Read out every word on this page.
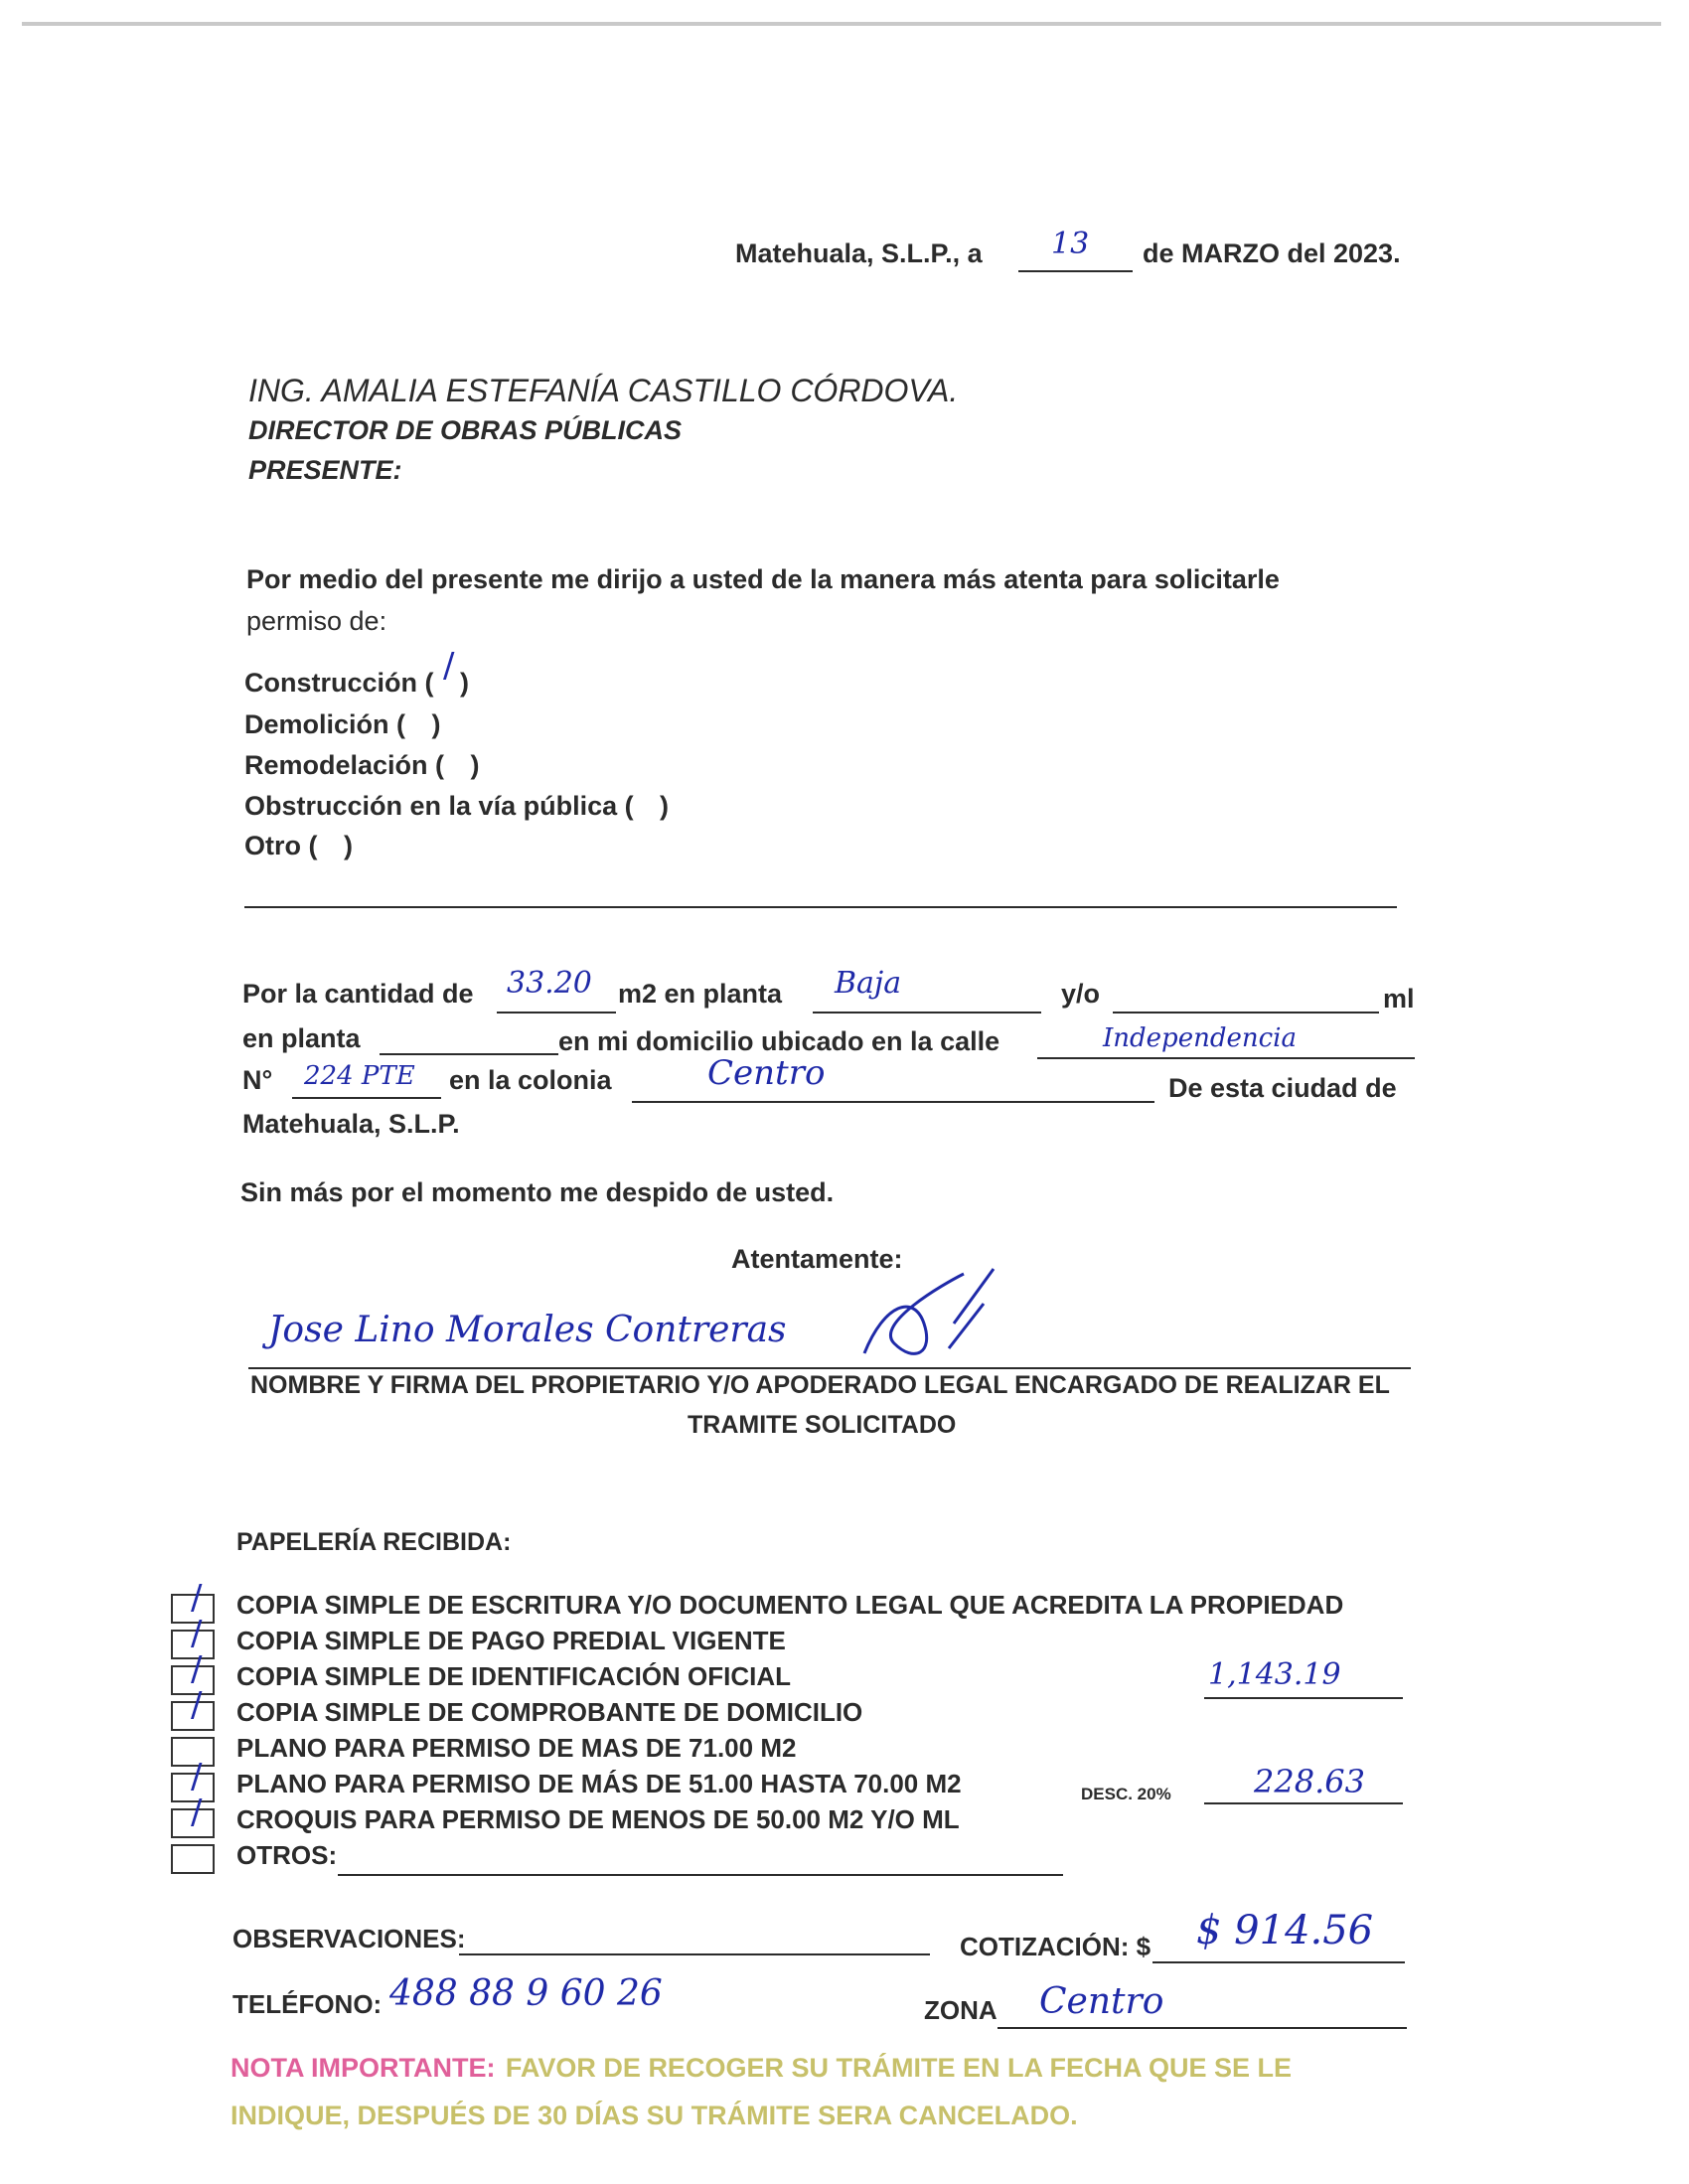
Matehuala, S.L.P., a 13 de MARZO del 2023.
ING. AMALIA ESTEFANÍA CASTILLO CÓRDOVA.
DIRECTOR DE OBRAS PÚBLICAS
PRESENTE:
Por medio del presente me dirijo a usted de la manera más atenta para solicitarle
permiso de:
Construcción ( )
/
Demolición ( )
Remodelación ( )
Obstrucción en la vía pública ( )
Otro ( )
Por la cantidad de 33.20 m2 en planta Baja	y/o	ml
en planta	en mi domicilio ubicado en la calle	Independencia
N° 224 PTE en la colonia	Centro	De esta ciudad de
Matehuala, S.L.P.
Sin más por el momento me despido de usted.
Atentamente:
Jose Lino Morales Contreras
NOMBRE Y FIRMA DEL PROPIETARIO Y/O APODERADO LEGAL ENCARGADO DE REALIZAR EL
TRAMITE SOLICITADO
PAPELERÍA RECIBIDA:
/ COPIA SIMPLE DE ESCRITURA Y/O DOCUMENTO LEGAL QUE ACREDITA LA PROPIEDAD
/ COPIA SIMPLE DE PAGO PREDIAL VIGENTE
/ COPIA SIMPLE DE IDENTIFICACIÓN OFICIAL
/ COPIA SIMPLE DE COMPROBANTE DE DOMICILIO
PLANO PARA PERMISO DE MAS DE 71.00 M2
/ PLANO PARA PERMISO DE MÁS DE 51.00 HASTA 70.00 M2
/ CROQUIS PARA PERMISO DE MENOS DE 50.00 M2 Y/O ML
OTROS:
1,143.19
DESC. 20%	228.63
OBSERVACIONES:	COTIZACIÓN: $ $ 914.56
TELÉFONO: 488 88 9 60 26	ZONA Centro
NOTA IMPORTANTE: FAVOR DE RECOGER SU TRÁMITE EN LA FECHA QUE SE LE
INDIQUE, DESPUÉS DE 30 DÍAS SU TRÁMITE SERA CANCELADO.
